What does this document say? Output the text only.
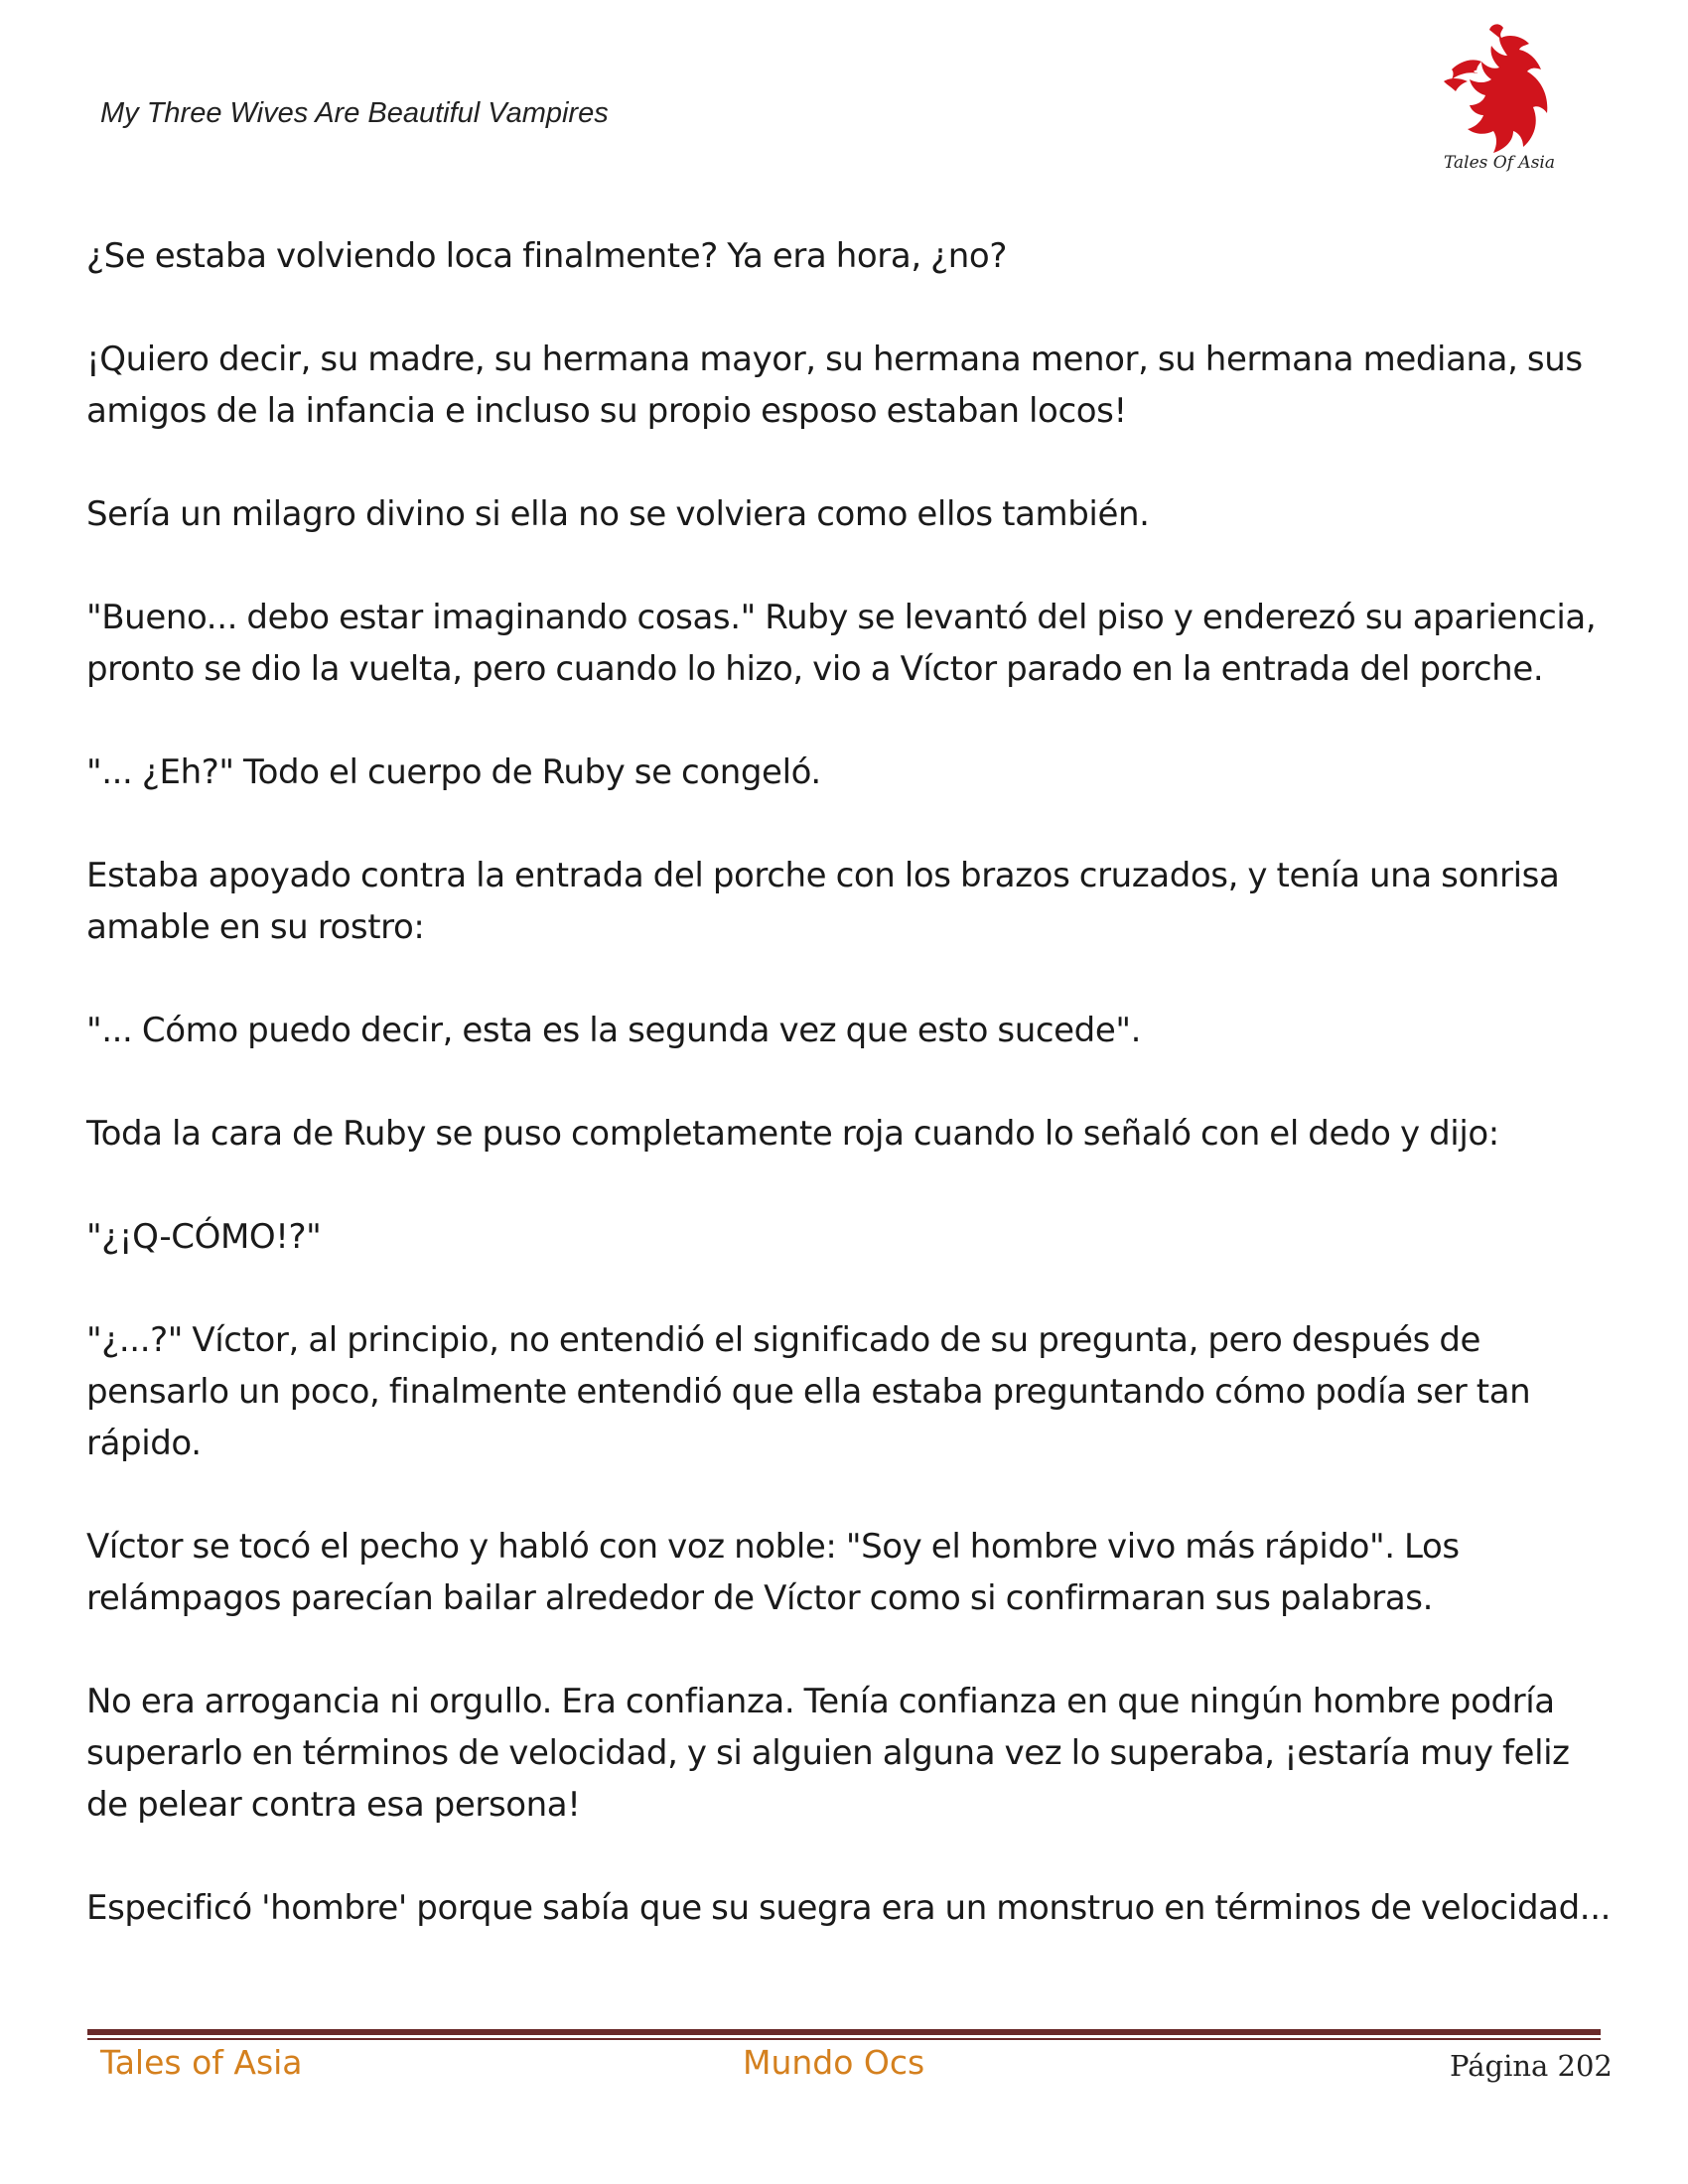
My Three Wives Are Beautiful Vampires
Tales Of Asia

¿Se estaba volviendo loca finalmente? Ya era hora, ¿no?

¡Quiero decir, su madre, su hermana mayor, su hermana menor, su hermana mediana, sus amigos de la infancia e incluso su propio esposo estaban locos!

Sería un milagro divino si ella no se volviera como ellos también.

"Bueno... debo estar imaginando cosas." Ruby se levantó del piso y enderezó su apariencia, pronto se dio la vuelta, pero cuando lo hizo, vio a Víctor parado en la entrada del porche.

"... ¿Eh?" Todo el cuerpo de Ruby se congeló.

Estaba apoyado contra la entrada del porche con los brazos cruzados, y tenía una sonrisa amable en su rostro:

"... Cómo puedo decir, esta es la segunda vez que esto sucede".

Toda la cara de Ruby se puso completamente roja cuando lo señaló con el dedo y dijo:

"¿¡Q-CÓMO!?"

"¿...?" Víctor, al principio, no entendió el significado de su pregunta, pero después de pensarlo un poco, finalmente entendió que ella estaba preguntando cómo podía ser tan rápido.

Víctor se tocó el pecho y habló con voz noble: "Soy el hombre vivo más rápido". Los relámpagos parecían bailar alrededor de Víctor como si confirmaran sus palabras.

No era arrogancia ni orgullo. Era confianza. Tenía confianza en que ningún hombre podría superarlo en términos de velocidad, y si alguien alguna vez lo superaba, ¡estaría muy feliz de pelear contra esa persona!

Especificó 'hombre' porque sabía que su suegra era un monstruo en términos de velocidad...

Tales of Asia	Mundo Ocs	Página 202
